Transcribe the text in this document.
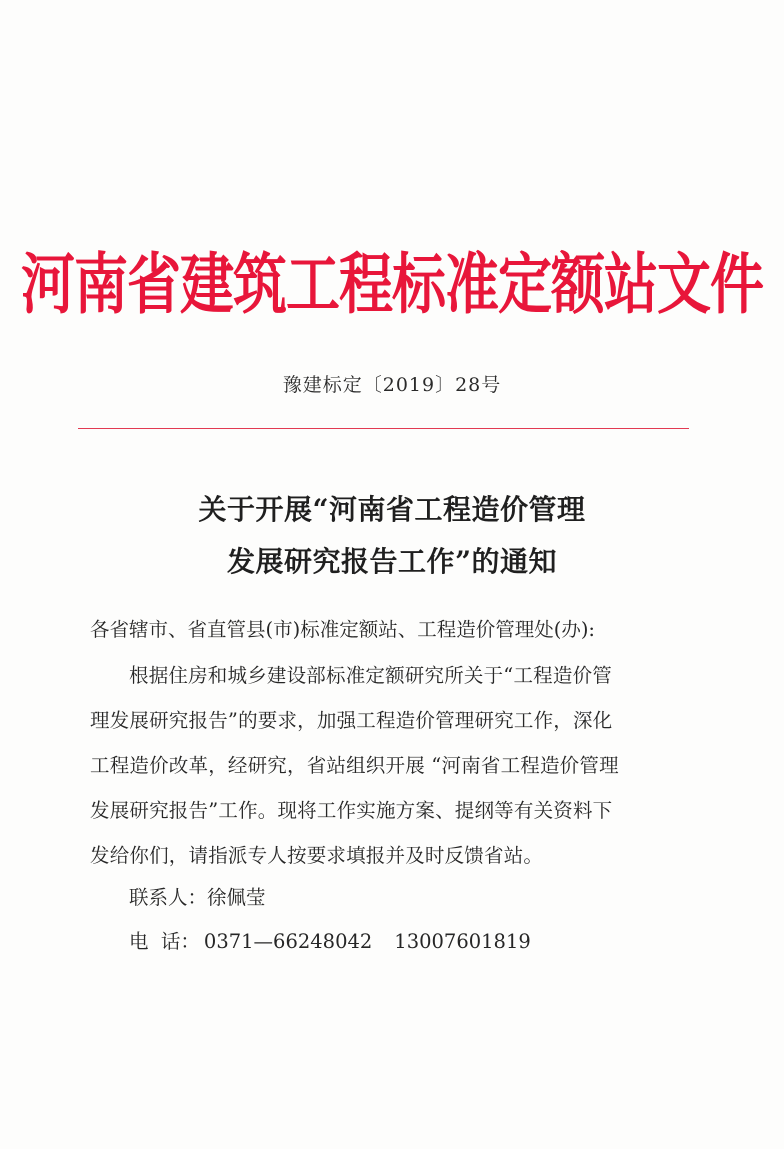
河南省建筑工程标准定额站文件
豫建标定〔2019〕28号
关于开展“河南省工程造价管理
发展研究报告工作”的通知
各省辖市、省直管县(市)标准定额站、工程造价管理处(办):
根据住房和城乡建设部标准定额研究所关于“工程造价管
理发展研究报告”的要求，加强工程造价管理研究工作，深化
工程造价改革，经研究，省站组织开展 “河南省工程造价管理
发展研究报告”工作。现将工作实施方案、提纲等有关资料下
发给你们，请指派专人按要求填报并及时反馈省站。
联系人：徐佩莹
电  话： 0371—66248042 13007601819
